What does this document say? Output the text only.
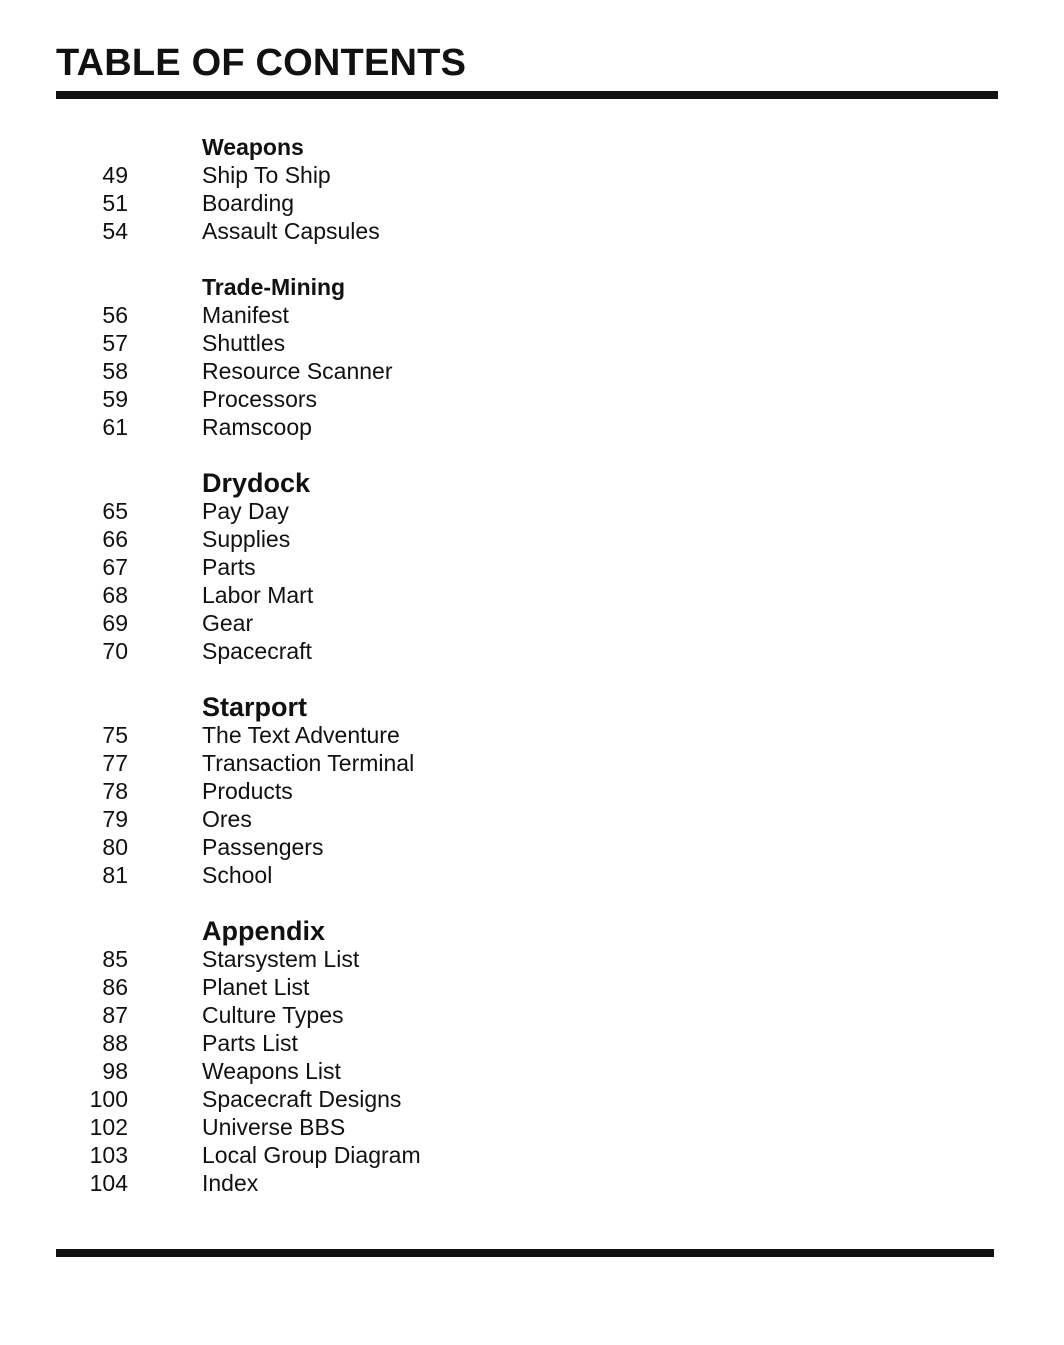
TABLE OF CONTENTS
Weapons
49	Ship To Ship
51	Boarding
54	Assault Capsules
Trade-Mining
56	Manifest
57	Shuttles
58	Resource Scanner
59	Processors
61	Ramscoop
Drydock
65	Pay Day
66	Supplies
67	Parts
68	Labor Mart
69	Gear
70	Spacecraft
Starport
75	The Text Adventure
77	Transaction Terminal
78	Products
79	Ores
80	Passengers
81	School
Appendix
85	Starsystem List
86	Planet List
87	Culture Types
88	Parts List
98	Weapons List
100	Spacecraft Designs
102	Universe BBS
103	Local Group Diagram
104	Index
